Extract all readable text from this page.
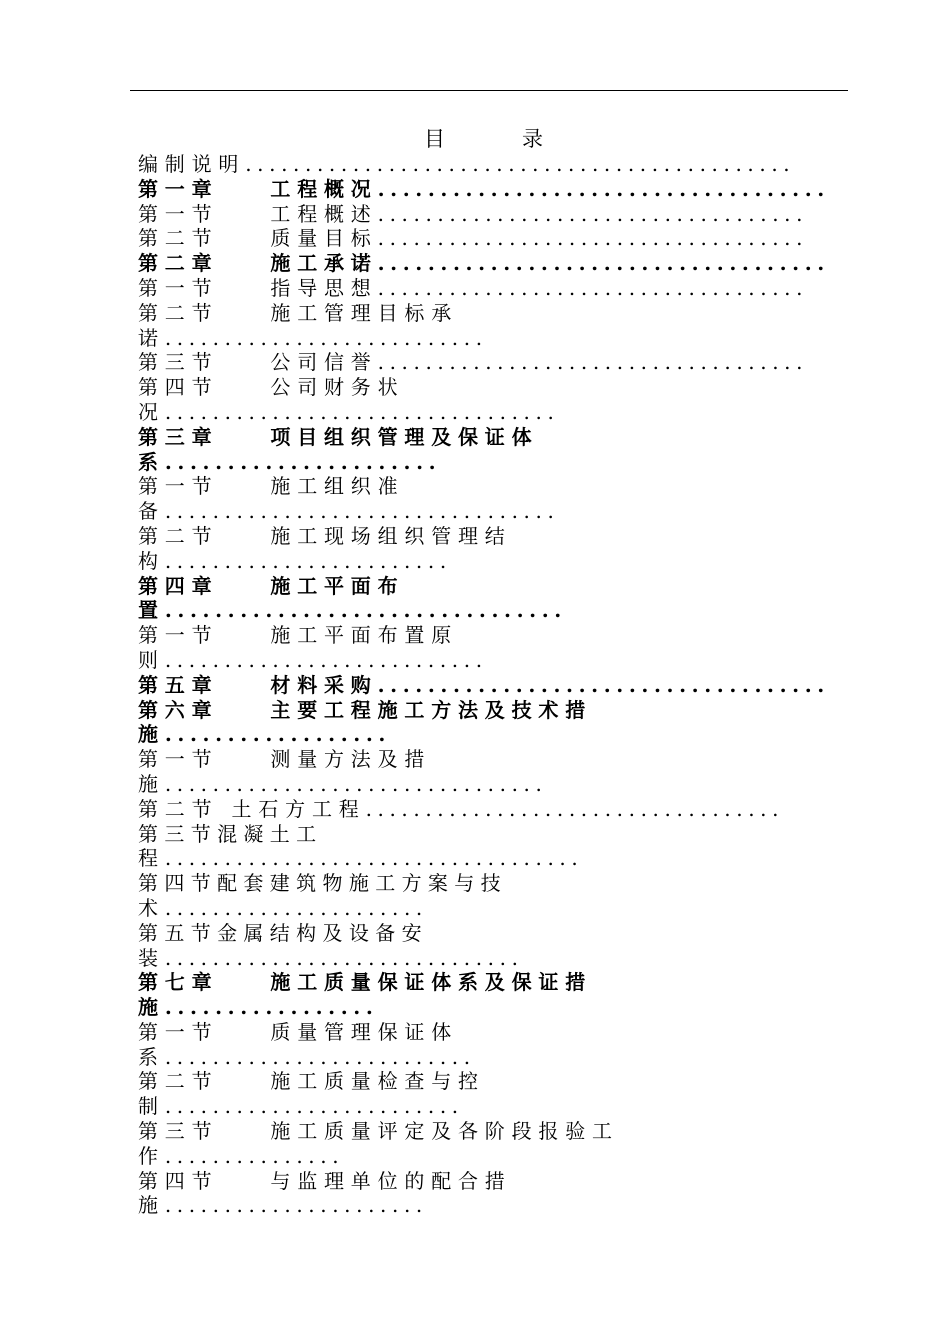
目	录
编制说明..............................................
第一章	工程概况....................................
第一节	工程概述....................................
第二节	质量目标....................................
第二章	施工承诺....................................
第一节	指导思想....................................
第二节	施工管理目标承
诺...........................
第三节	公司信誉....................................
第四节	公司财务状
况.................................
第三章	项目组织管理及保证体
系......................
第一节	施工组织准
备.................................
第二节	施工现场组织管理结
构........................
第四章	施工平面布
置................................
第一节	施工平面布置原
则...........................
第五章	材料采购....................................
第六章	主要工程施工方法及技术措
施..................
第一节	测量方法及措
施................................
第二节 土石方工程...................................
第 三 节 混 凝 土 工
程...................................
第 四 节 配 套 建 筑 物 施 工 方 案 与 技
术......................
第 五 节 金 属 结 构 及 设 备 安
装..............................
第七章	施工质量保证体系及保证措
施.................
第一节	质量管理保证体
系..........................
第二节	施工质量检查与控
制.........................
第三节	施工质量评定及各阶段报验工
作...............
第四节	与监理单位的配合措
施......................
